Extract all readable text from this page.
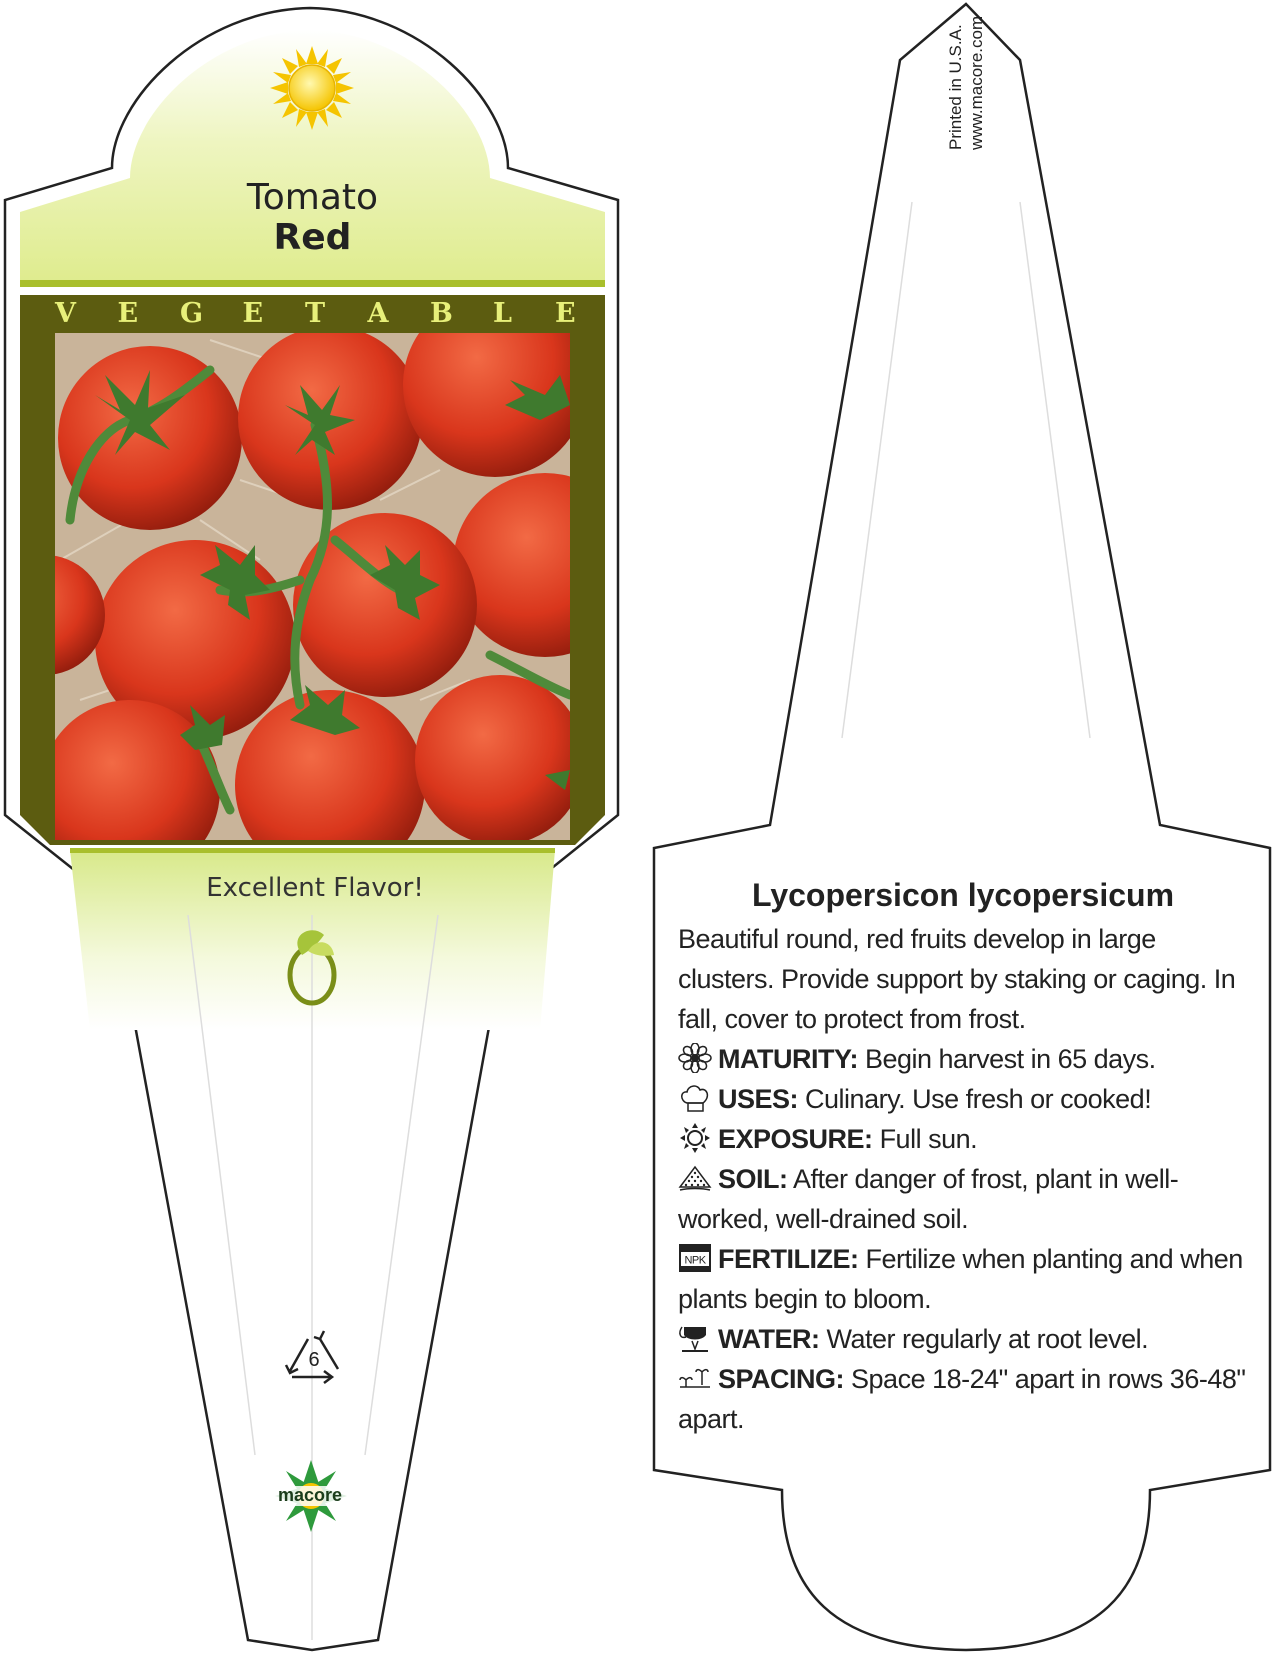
Tomato
Red
V E G E T A B L E
Excellent Flavor!
6
macore
Printed in U.S.A. www.macore.com

Lycopersicon lycopersicum

Beautiful round, red fruits develop in large clusters. Provide support by staking or caging. In fall, cover to protect from frost.

MATURITY: Begin harvest in 65 days.

USES: Culinary. Use fresh or cooked!

EXPOSURE: Full sun.

SOIL: After danger of frost, plant in well-worked, well-drained soil.

NPK FERTILIZE: Fertilize when planting and when plants begin to bloom.

WATER: Water regularly at root level.

SPACING: Space 18-24" apart in rows 36-48" apart.
